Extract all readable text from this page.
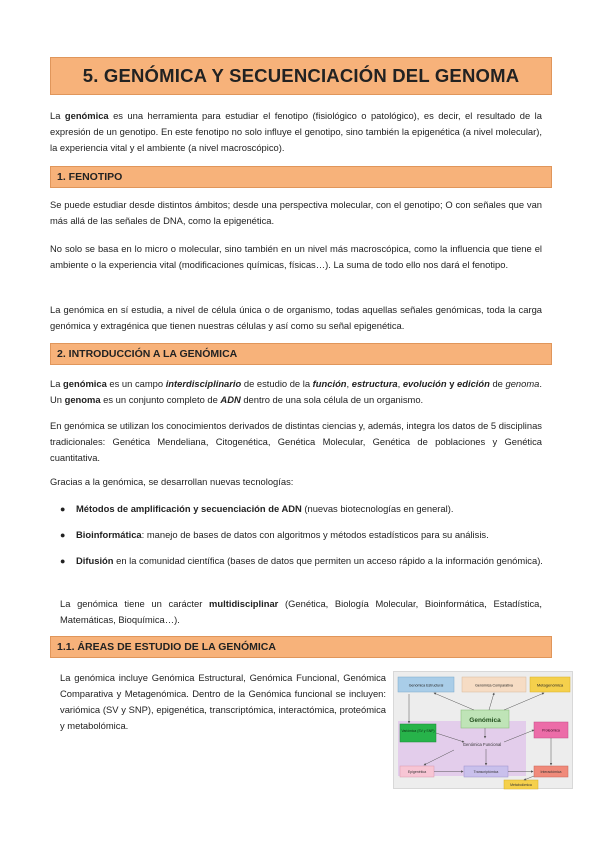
5. GENÓMICA Y SECUENCIACIÓN DEL GENOMA

La genómica es una herramienta para estudiar el fenotipo (fisiológico o patológico), es decir, el resultado de la expresión de un genotipo. En este fenotipo no solo influye el genotipo, sino también la epigenética (a nivel molecular), la experiencia vital y el ambiente (a nivel macroscópico).

1. FENOTIPO

Se puede estudiar desde distintos ámbitos; desde una perspectiva molecular, con el genotipo; O con señales que van más allá de las señales de DNA, como la epigenética.

No solo se basa en lo micro o molecular, sino también en un nivel más macroscópica, como la influencia que tiene el ambiente o la experiencia vital (modificaciones químicas, físicas…). La suma de todo ello nos dará el fenotipo.

La genómica en sí estudia, a nivel de célula única o de organismo, todas aquellas señales genómicas, toda la carga genómica y extragénica que tienen nuestras células y así como su señal epigenética.

2. INTRODUCCIÓN A LA GENÓMICA

La genómica es un campo interdisciplinario de estudio de la función, estructura, evolución y edición de genoma. Un genoma es un conjunto completo de ADN dentro de una sola célula de un organismo.

En genómica se utilizan los conocimientos derivados de distintas ciencias y, además, integra los datos de 5 disciplinas tradicionales: Genética Mendeliana, Citogenética, Genética Molecular, Genética de poblaciones y Genética cuantitativa.

Gracias a la genómica, se desarrollan nuevas tecnologías:

● Métodos de amplificación y secuenciación de ADN (nuevas biotecnologías en general).

● Bioinformática: manejo de bases de datos con algoritmos y métodos estadísticos para su análisis.

● Difusión en la comunidad científica (bases de datos que permiten un acceso rápido a la información genómica).

La genómica tiene un carácter multidisciplinar (Genética, Biología Molecular, Bioinformática, Estadística, Matemáticas, Bioquímica…).

1.1. ÁREAS DE ESTUDIO DE LA GENÓMICA

La genómica incluye Genómica Estructural, Genómica Funcional, Genómica Comparativa y Metagenómica. Dentro de la Genómica funcional se incluyen: variómica (SV y SNP), epigenética, transcriptómica, interactómica, proteómica y metabolómica.

Genómica Estructural	Genómica Comparativa	Metagenómica
Genómica
Variómica (SV y SNP)
Genómica Funcional
Proteómica
Epigenética	Transcriptómica	Interactómica
Metabolómica
